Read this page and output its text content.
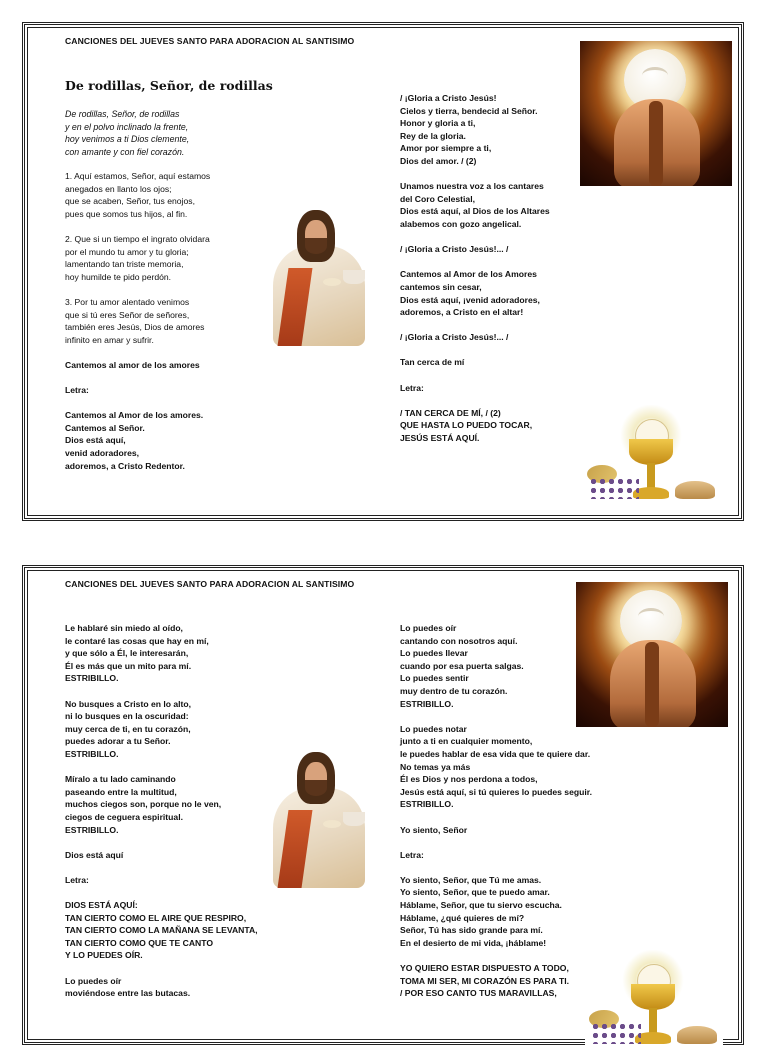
CANCIONES DEL JUEVES SANTO PARA ADORACION AL SANTISIMO
De rodillas, Señor, de rodillas
De rodillas, Señor, de rodillas
y en el polvo inclinado la frente,
hoy venimos a ti Dios clemente,
con amante y con fiel corazón.

1. Aquí estamos, Señor, aquí estamos
anegados en llanto los ojos;
que se acaben, Señor, tus enojos,
pues que somos tus hijos, al fin.

2. Que si un tiempo el ingrato olvidara
por el mundo tu amor y tu gloria;
lamentando tan triste memoria,
hoy humilde te pido perdón.

3. Por tu amor alentado venimos
que si tú eres Señor de señores,
también eres Jesús, Dios de amores
infinito en amar y sufrir.

Cantemos al amor de los amores

Letra:

Cantemos al Amor de los amores.
Cantemos al Señor.
Dios está aquí,
venid adoradores,
adoremos, a Cristo Redentor.

/ ¡Gloria a Cristo Jesús!
Cielos y tierra, bendecid al Señor.
Honor y gloria a ti,
Rey de la gloria.
Amor por siempre a ti,
Dios del amor. / (2)

Unamos nuestra voz a los cantares
del Coro Celestial,
Dios está aquí, al Dios de los Altares
alabemos con gozo angelical.

/ ¡Gloria a Cristo Jesús!... /

Cantemos al Amor de los Amores
cantemos sin cesar,
Dios está aquí, ¡venid adoradores,
adoremos, a Cristo en el altar!

/ ¡Gloria a Cristo Jesús!... /

Tan cerca de mí

Letra:

/ TAN CERCA DE MÍ, / (2)
QUE HASTA LO PUEDO TOCAR,
JESÚS ESTÁ AQUÍ.

CANCIONES DEL JUEVES SANTO PARA ADORACION AL SANTISIMO

Le hablaré sin miedo al oído,
le contaré las cosas que hay en mí,
y que sólo a Él, le interesarán,
Él es más que un mito para mí.
ESTRIBILLO.

No busques a Cristo en lo alto,
ni lo busques en la oscuridad:
muy cerca de ti, en tu corazón,
puedes adorar a tu Señor.
ESTRIBILLO.

Míralo a tu lado caminando
paseando entre la multitud,
muchos ciegos son, porque no le ven,
ciegos de ceguera espiritual.
ESTRIBILLO.

Dios está aquí

Letra:

DIOS ESTÁ AQUÍ:
TAN CIERTO COMO EL AIRE QUE RESPIRO,
TAN CIERTO COMO LA MAÑANA SE LEVANTA,
TAN CIERTO COMO QUE TE CANTO
Y LO PUEDES OÍR.

Lo puedes oír
moviéndose entre las butacas.

Lo puedes oír
cantando con nosotros aquí.
Lo puedes llevar
cuando por esa puerta salgas.
Lo puedes sentir
muy dentro de tu corazón.
ESTRIBILLO.

Lo puedes notar
junto a ti en cualquier momento,
le puedes hablar de esa vida que te quiere dar.
No temas ya más
Él es Dios y nos perdona a todos,
Jesús está aquí, si tú quieres lo puedes seguir.
ESTRIBILLO.

Yo siento, Señor

Letra:

Yo siento, Señor, que Tú me amas.
Yo siento, Señor, que te puedo amar.
Háblame, Señor, que tu siervo escucha.
Háblame, ¿qué quieres de mí?
Señor, Tú has sido grande para mí.
En el desierto de mi vida, ¡háblame!

YO QUIERO ESTAR DISPUESTO A TODO,
TOMA MI SER, MI CORAZÓN ES PARA TI.
/ POR ESO CANTO TUS MARAVILLAS,
